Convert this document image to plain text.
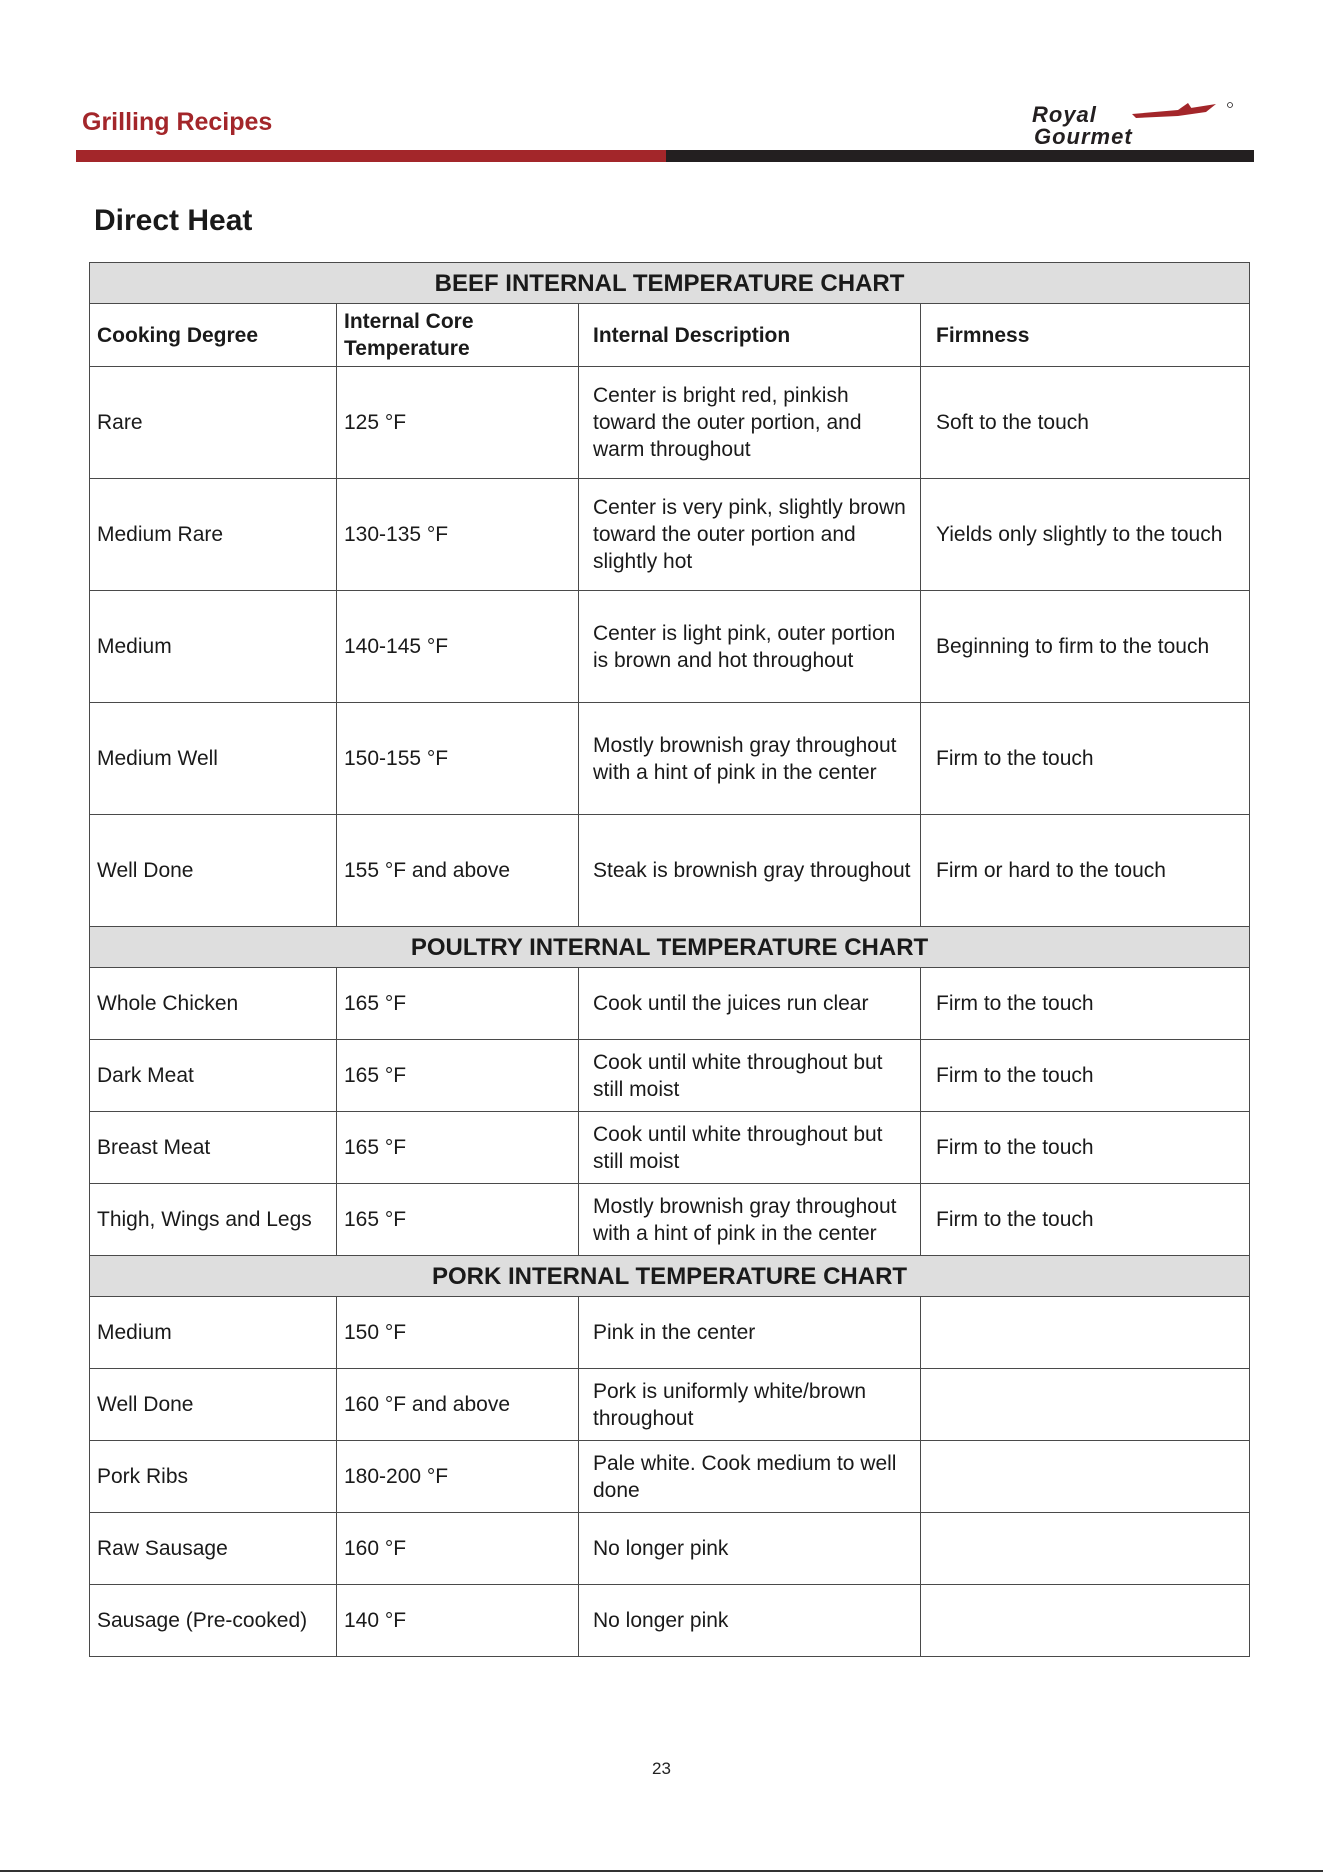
Grilling Recipes	Royal
Gourmet
Direct Heat
BEEF INTERNAL TEMPERATURE CHART			
Cooking Degree	Internal Core Temperature	Internal Description	Firmness
Rare	125 °F	Center is bright red, pinkish toward the outer portion, and warm throughout	Soft to the touch
Medium Rare	130-135 °F	Center is very pink, slightly brown toward the outer portion and slightly hot	Yields only slightly to the touch
Medium	140-145 °F	Center is light pink, outer portion is brown and hot throughout	Beginning to firm to the touch
Medium Well	150-155 °F	Mostly brownish gray throughout with a hint of pink in the center	Firm to the touch
Well Done	155 °F and above	Steak is brownish gray throughout	Firm or hard to the touch
POULTRY INTERNAL TEMPERATURE CHART			
Whole Chicken	165 °F	Cook until the juices run clear	Firm to the touch
Dark Meat	165 °F	Cook until white throughout but still moist	Firm to the touch
Breast Meat	165 °F	Cook until white throughout but still moist	Firm to the touch
Thigh, Wings and Legs	165 °F	Mostly brownish gray throughout with a hint of pink in the center	Firm to the touch
PORK INTERNAL TEMPERATURE CHART			
Medium	150 °F	Pink in the center	
Well Done	160 °F and above	Pork is uniformly white/brown throughout	
Pork Ribs	180-200 °F	Pale white. Cook medium to well done	
Raw Sausage	160 °F	No longer pink	
Sausage (Pre-cooked)	140 °F	No longer pink	
23
